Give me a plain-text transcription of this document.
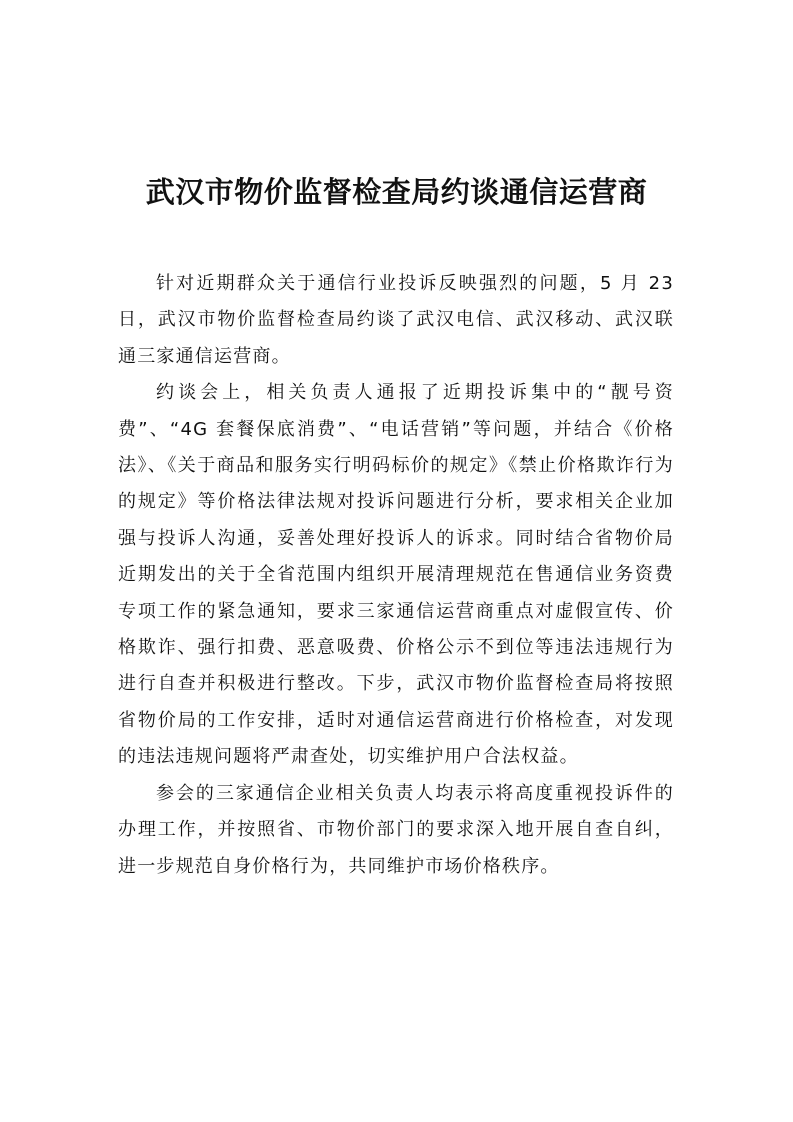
武汉市物价监督检查局约谈通信运营商

针对近期群众关于通信行业投诉反映强烈的问题，5 月 23 日，武汉市物价监督检查局约谈了武汉电信、武汉移动、武汉联通三家通信运营商。

约谈会上，相关负责人通报了近期投诉集中的“靓号资费”、“4G 套餐保底消费”、“电话营销”等问题，并结合《价格法》、《关于商品和服务实行明码标价的规定》《禁止价格欺诈行为的规定》等价格法律法规对投诉问题进行分析，要求相关企业加强与投诉人沟通，妥善处理好投诉人的诉求。同时结合省物价局近期发出的关于全省范围内组织开展清理规范在售通信业务资费专项工作的紧急通知，要求三家通信运营商重点对虚假宣传、价格欺诈、强行扣费、恶意吸费、价格公示不到位等违法违规行为进行自查并积极进行整改。下步，武汉市物价监督检查局将按照省物价局的工作安排，适时对通信运营商进行价格检查，对发现的违法违规问题将严肃查处，切实维护用户合法权益。

参会的三家通信企业相关负责人均表示将高度重视投诉件的办理工作，并按照省、市物价部门的要求深入地开展自查自纠，进一步规范自身价格行为，共同维护市场价格秩序。
